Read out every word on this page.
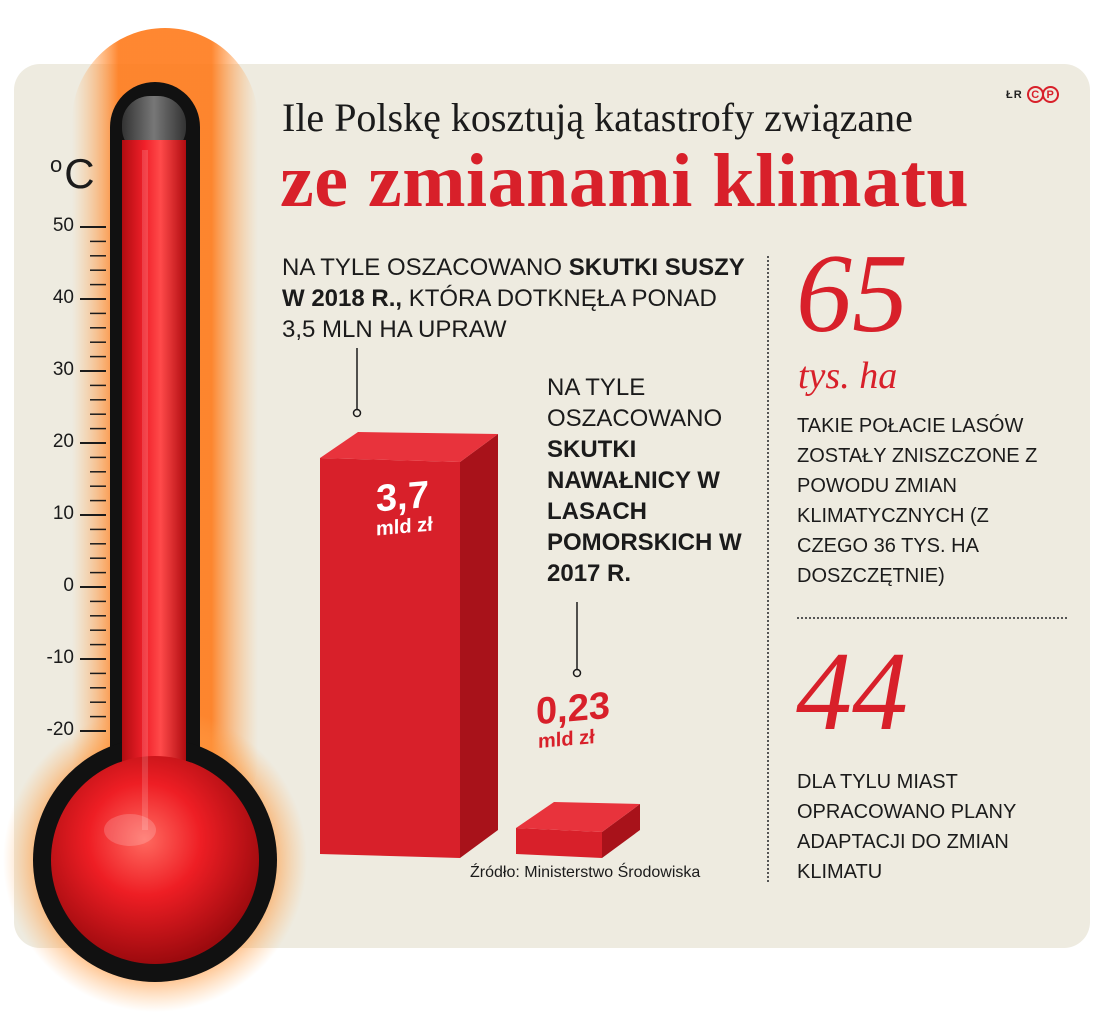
$^o$C
50
40
30
20
10
0
-10
-20
ŁR C P
Ile Polskę kosztują katastrofy związane
ze zmianami klimatu
NA TYLE OSZACOWANO SKUTKI SUSZY W 2018 R., KTÓRA DOTKNĘŁA PONAD 3,5 MLN HA UPRAW
NA TYLE OSZACOWANO SKUTKI NAWAŁNICY W LASACH POMORSKICH W 2017 R.
3,7
mld zł
0,23
mld zł
Źródło: Ministerstwo Środowiska
65
tys. ha
TAKIE POŁACIE LASÓW ZOSTAŁY ZNISZCZONE Z POWODU ZMIAN KLIMATYCZNYCH (Z CZEGO 36 TYS. HA DOSZCZĘTNIE)
44
DLA TYLU MIAST OPRACOWANO PLANY ADAPTACJI DO ZMIAN KLIMATU
